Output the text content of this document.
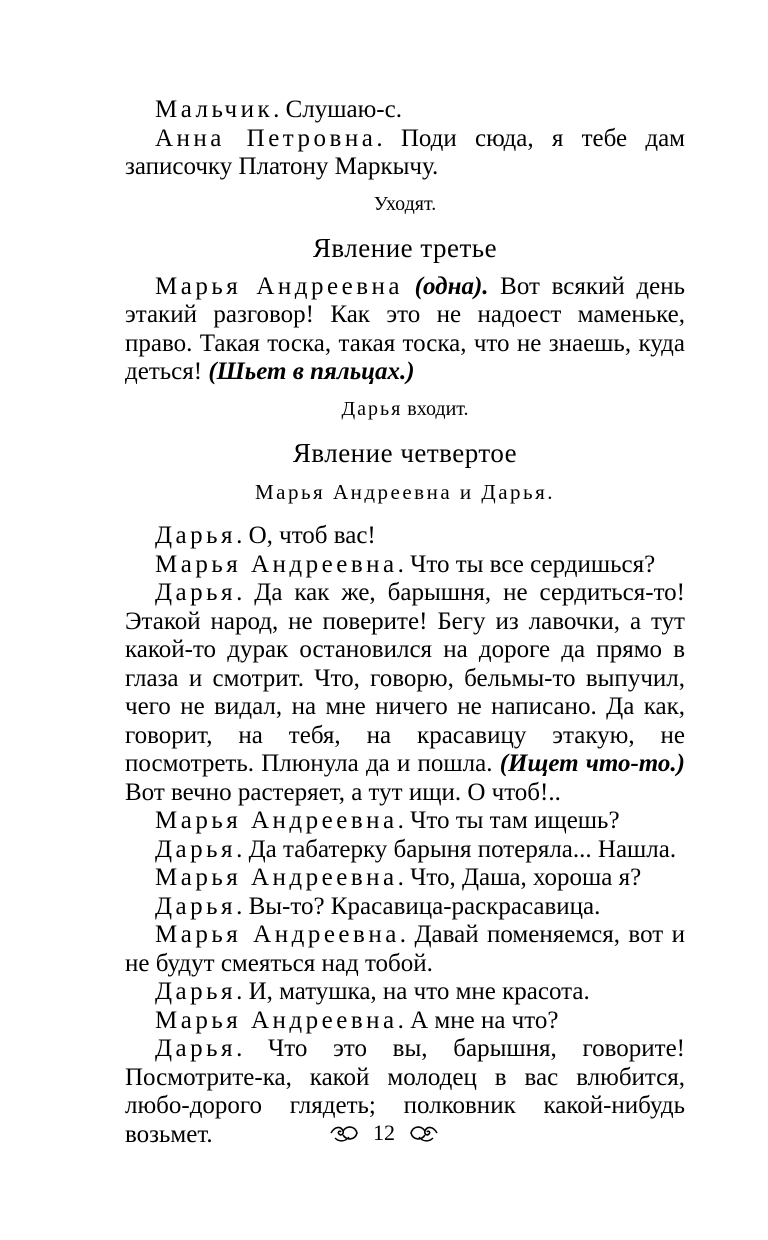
Мальчик. Слушаю-с.

Анна Петровна. Поди сюда, я тебе дам записочку Платону Маркычу.

Уходят.

Явление третье

Марья Андреевна (одна). Вот всякий день этакий разговор! Как это не надоест маменьке, право. Такая тоска, такая тоска, что не знаешь, куда деться! (Шьет в пяльцах.)

Дарья входит.

Явление четвертое

Марья Андреевна и Дарья.

Дарья. О, чтоб вас!

Марья Андреевна. Что ты все сердишься?

Дарья. Да как же, барышня, не сердиться-то! Этакой народ, не поверите! Бегу из лавочки, а тут какой-то дурак остановился на дороге да прямо в глаза и смотрит. Что, говорю, бельмы-то выпучил, чего не видал, на мне ничего не написано. Да как, говорит, на тебя, на красавицу этакую, не посмотреть. Плюнула да и пошла. (Ищет что-то.) Вот вечно растеряет, а тут ищи. О чтоб!..

Марья Андреевна. Что ты там ищешь?

Дарья. Да табатерку барыня потеряла... Нашла.

Марья Андреевна. Что, Даша, хороша я?

Дарья. Вы-то? Красавица-раскрасавица.

Марья Андреевна. Давай поменяемся, вот и не будут смеяться над тобой.

Дарья. И, матушка, на что мне красота.

Марья Андреевна. А мне на что?

Дарья. Что это вы, барышня, говорите! Посмотрите-ка, какой молодец в вас влюбится, любо-дорого глядеть; полковник какой-нибудь возьмет.	12
